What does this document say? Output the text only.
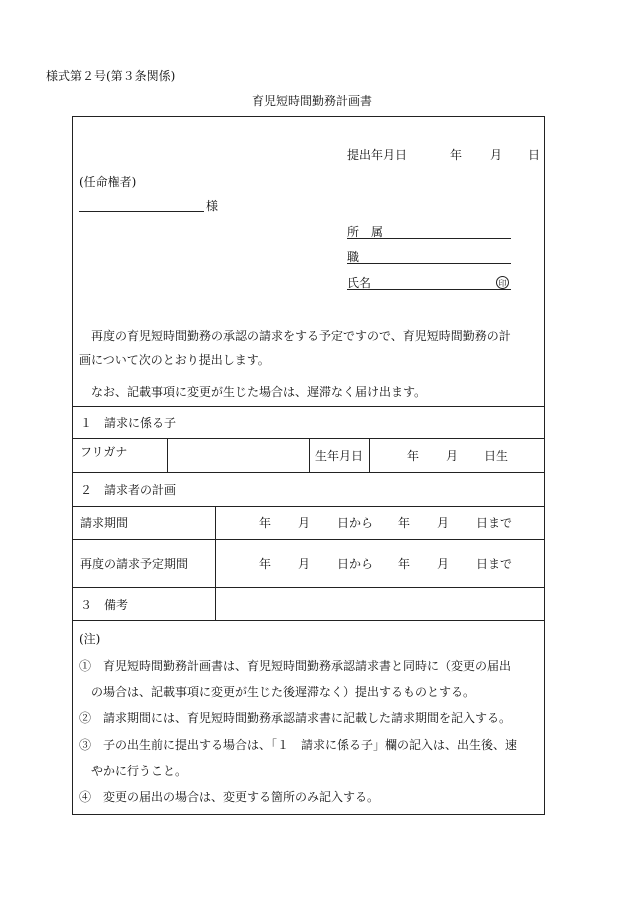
様式第２号(第３条関係)
育児短時間勤務計画書
提出年月日	年 月 日
(任命権者)
様
所　属
職
氏名	印
再度の育児短時間勤務の承認の請求をする予定ですので、育児短時間勤務の計
画について次のとおり提出します。
なお、記載事項に変更が生じた場合は、遅滞なく届け出ます。
１　請求に係る子
フリガナ	生年月日	年 月 日生
２　請求者の計画
請求期間	年 月 日から 年 月 日まで
再度の請求予定期間	年 月 日から 年 月 日まで
３　備考
(注)
①　育児短時間勤務計画書は、育児短時間勤務承認請求書と同時に（変更の届出
の場合は、記載事項に変更が生じた後遅滞なく）提出するものとする。
②　請求期間には、育児短時間勤務承認請求書に記載した請求期間を記入する。
③　子の出生前に提出する場合は、「１　請求に係る子」欄の記入は、出生後、速
やかに行うこと。
④　変更の届出の場合は、変更する箇所のみ記入する。
